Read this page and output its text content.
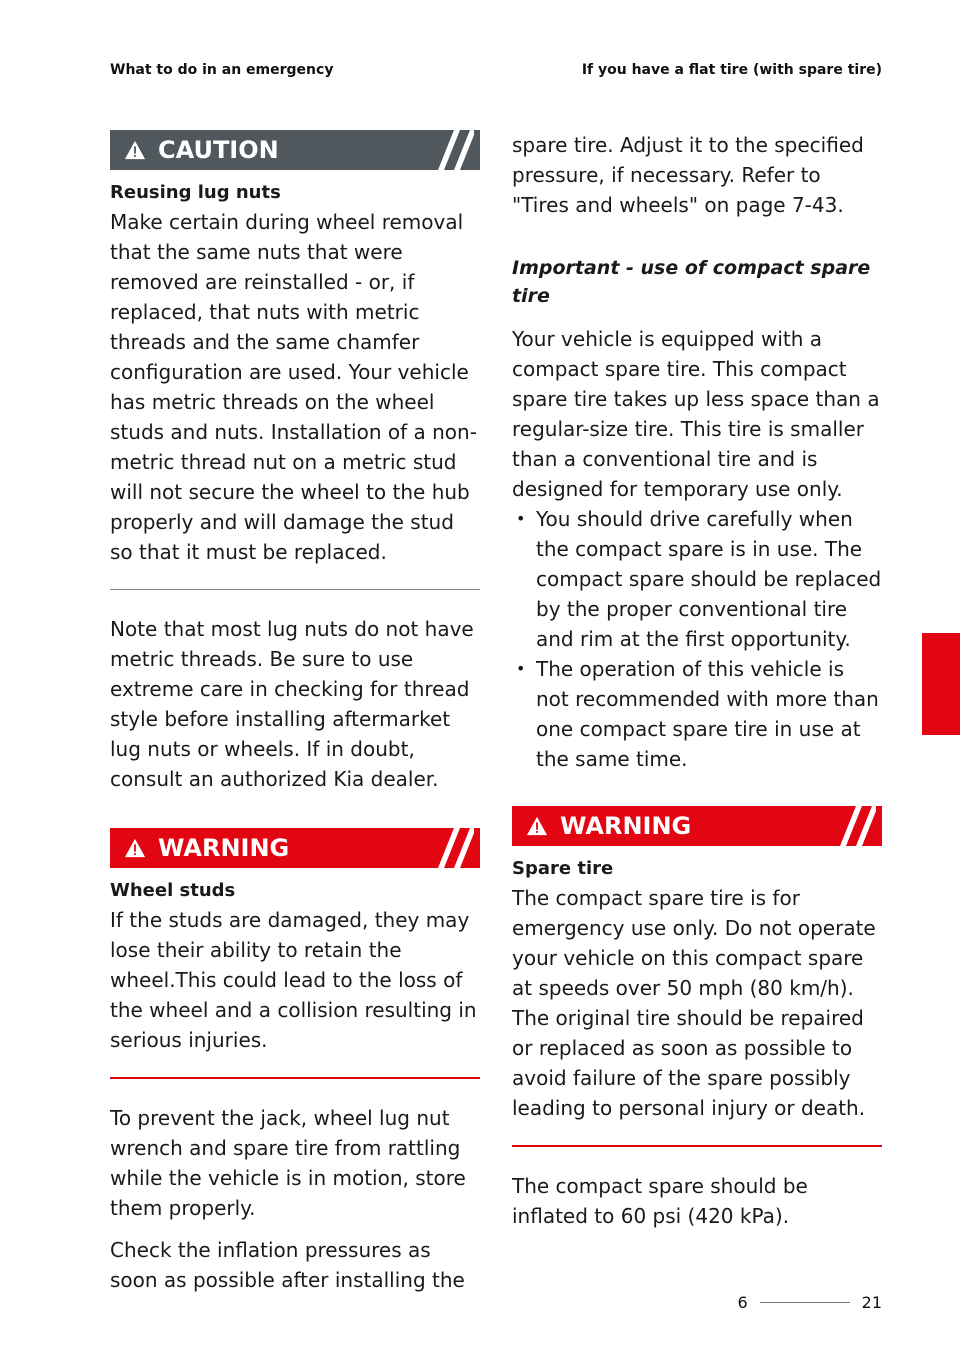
What to do in an emergency	If you have a flat tire (with spare tire)
CAUTION
Reusing lug nuts

Make certain during wheel removal that the same nuts that were removed are reinstalled - or, if replaced, that nuts with metric threads and the same chamfer configuration are used. Your vehicle has metric threads on the wheel studs and nuts. Installation of a non-metric thread nut on a metric stud will not secure the wheel to the hub properly and will damage the stud so that it must be replaced.

Note that most lug nuts do not have metric threads. Be sure to use extreme care in checking for thread style before installing aftermarket lug nuts or wheels. If in doubt, consult an authorized Kia dealer.

WARNING
Wheel studs

If the studs are damaged, they may lose their ability to retain the wheel.This could lead to the loss of the wheel and a collision resulting in serious injuries.

To prevent the jack, wheel lug nut wrench and spare tire from rattling while the vehicle is in motion, store them properly.

Check the inflation pressures as soon as possible after installing the

spare tire. Adjust it to the specified pressure, if necessary. Refer to "Tires and wheels" on page 7-43.

Important - use of compact spare tire

Your vehicle is equipped with a compact spare tire. This compact spare tire takes up less space than a regular-size tire. This tire is smaller than a conventional tire and is designed for temporary use only.

• You should drive carefully when the compact spare is in use. The compact spare should be replaced by the proper conventional tire and rim at the first opportunity.
• The operation of this vehicle is not recommended with more than one compact spare tire in use at the same time.
WARNING
Spare tire

The compact spare tire is for emergency use only. Do not operate your vehicle on this compact spare at speeds over 50 mph (80 km/h). The original tire should be repaired or replaced as soon as possible to avoid failure of the spare possibly leading to personal injury or death.

The compact spare should be inflated to 60 psi (420 kPa).

6
6	21
